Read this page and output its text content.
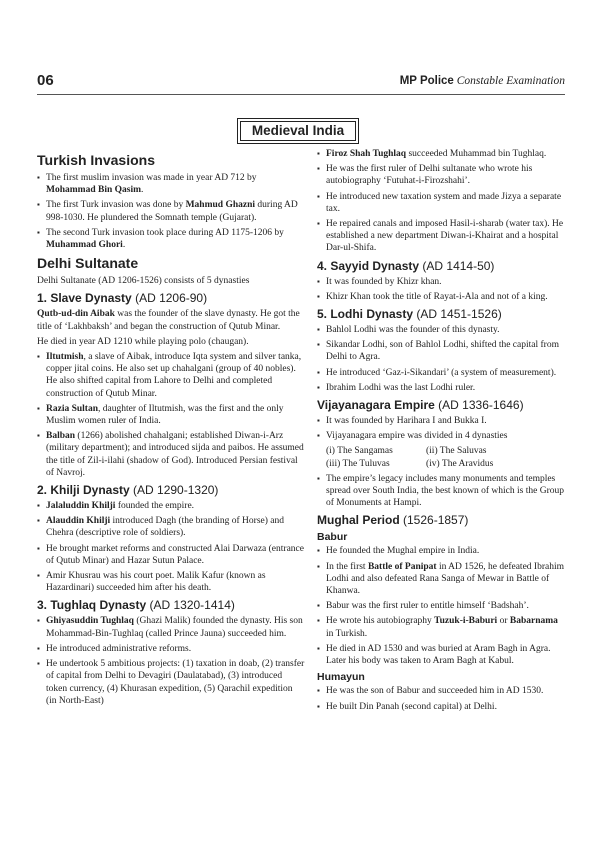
06	MP Police Constable Examination
Medieval India
Turkish Invasions
▪ The first muslim invasion was made in year AD 712 by Mohammad Bin Qasim.
▪ The first Turk invasion was done by Mahmud Ghazni during AD 998-1030. He plundered the Somnath temple (Gujarat).
▪ The second Turk invasion took place during AD 1175-1206 by Muhammad Ghori.
Delhi Sultanate

Delhi Sultanate (AD 1206-1526) consists of 5 dynasties

1. Slave Dynasty (AD 1206-90)

Qutb-ud-din Aibak was the founder of the slave dynasty. He got the title of ‘Lakhbaksh’ and began the construction of Qutub Minar.

He died in year AD 1210 while playing polo (chaugan).

▪ Iltutmish, a slave of Aibak, introduce Iqta system and silver tanka, copper jital coins. He also set up chahalgani (group of 40 nobles). He also shifted capital from Lahore to Delhi and completed construction of Qutub Minar.
▪ Razia Sultan, daughter of Iltutmish, was the first and the only Muslim women ruler of India.
▪ Balban (1266) abolished chahalgani; established Diwan-i-Arz (military department); and introduced sijda and paibos. He assumed the title of Zil-i-ilahi (shadow of God). Introduced Persian festival of Navroj.
2. Khilji Dynasty (AD 1290-1320)
▪ Jalaluddin Khilji founded the empire.
▪ Alauddin Khilji introduced Dagh (the branding of Horse) and Chehra (descriptive role of soldiers).
▪ He brought market reforms and constructed Alai Darwaza (entrance of Qutub Minar) and Hazar Sutun Palace.
▪ Amir Khusrau was his court poet. Malik Kafur (known as Hazardinari) succeeded him after his death.
3. Tughlaq Dynasty (AD 1320-1414)
▪ Ghiyasuddin Tughlaq (Ghazi Malik) founded the dynasty. His son Mohammad-Bin-Tughlaq (called Prince Jauna) succeeded him.
▪ He introduced administrative reforms.
▪ He undertook 5 ambitious projects: (1) taxation in doab, (2) transfer of capital from Delhi to Devagiri (Daulatabad), (3) introduced token currency, (4) Khurasan expedition, (5) Qarachil expedition (in North-East)
▪ Firoz Shah Tughlaq succeeded Muhammad bin Tughlaq.
▪ He was the first ruler of Delhi sultanate who wrote his autobiography ‘Futuhat-i-Firozshahi’.
▪ He introduced new taxation system and made Jizya a separate tax.
▪ He repaired canals and imposed Hasil-i-sharab (water tax). He established a new department Diwan-i-Khairat and a hospital Dar-ul-Shifa.
4. Sayyid Dynasty (AD 1414-50)
▪ It was founded by Khizr khan.
▪ Khizr Khan took the title of Rayat-i-Ala and not of a king.
5. Lodhi Dynasty (AD 1451-1526)
▪ Bahlol Lodhi was the founder of this dynasty.
▪ Sikandar Lodhi, son of Bahlol Lodhi, shifted the capital from Delhi to Agra.
▪ He introduced ‘Gaz-i-Sikandari’ (a system of measurement).
▪ Ibrahim Lodhi was the last Lodhi ruler.
Vijayanagara Empire (AD 1336-1646)
▪ It was founded by Harihara I and Bukka I.
▪ Vijayanagara empire was divided in 4 dynasties
(i) The Sangamas	(ii) The Saluvas
(iii) The Tuluvas	(iv) The Aravidus
▪ The empire’s legacy includes many monuments and temples spread over South India, the best known of which is the Group of Monuments at Hampi.
Mughal Period (1526-1857)
Babur
▪ He founded the Mughal empire in India.
▪ In the first Battle of Panipat in AD 1526, he defeated Ibrahim Lodhi and also defeated Rana Sanga of Mewar in Battle of Khanwa.
▪ Babur was the first ruler to entitle himself ‘Badshah’.
▪ He wrote his autobiography Tuzuk-i-Baburi or Babarnama in Turkish.
▪ He died in AD 1530 and was buried at Aram Bagh in Agra. Later his body was taken to Aram Bagh at Kabul.
Humayun
▪ He was the son of Babur and succeeded him in AD 1530.
▪ He built Din Panah (second capital) at Delhi.
